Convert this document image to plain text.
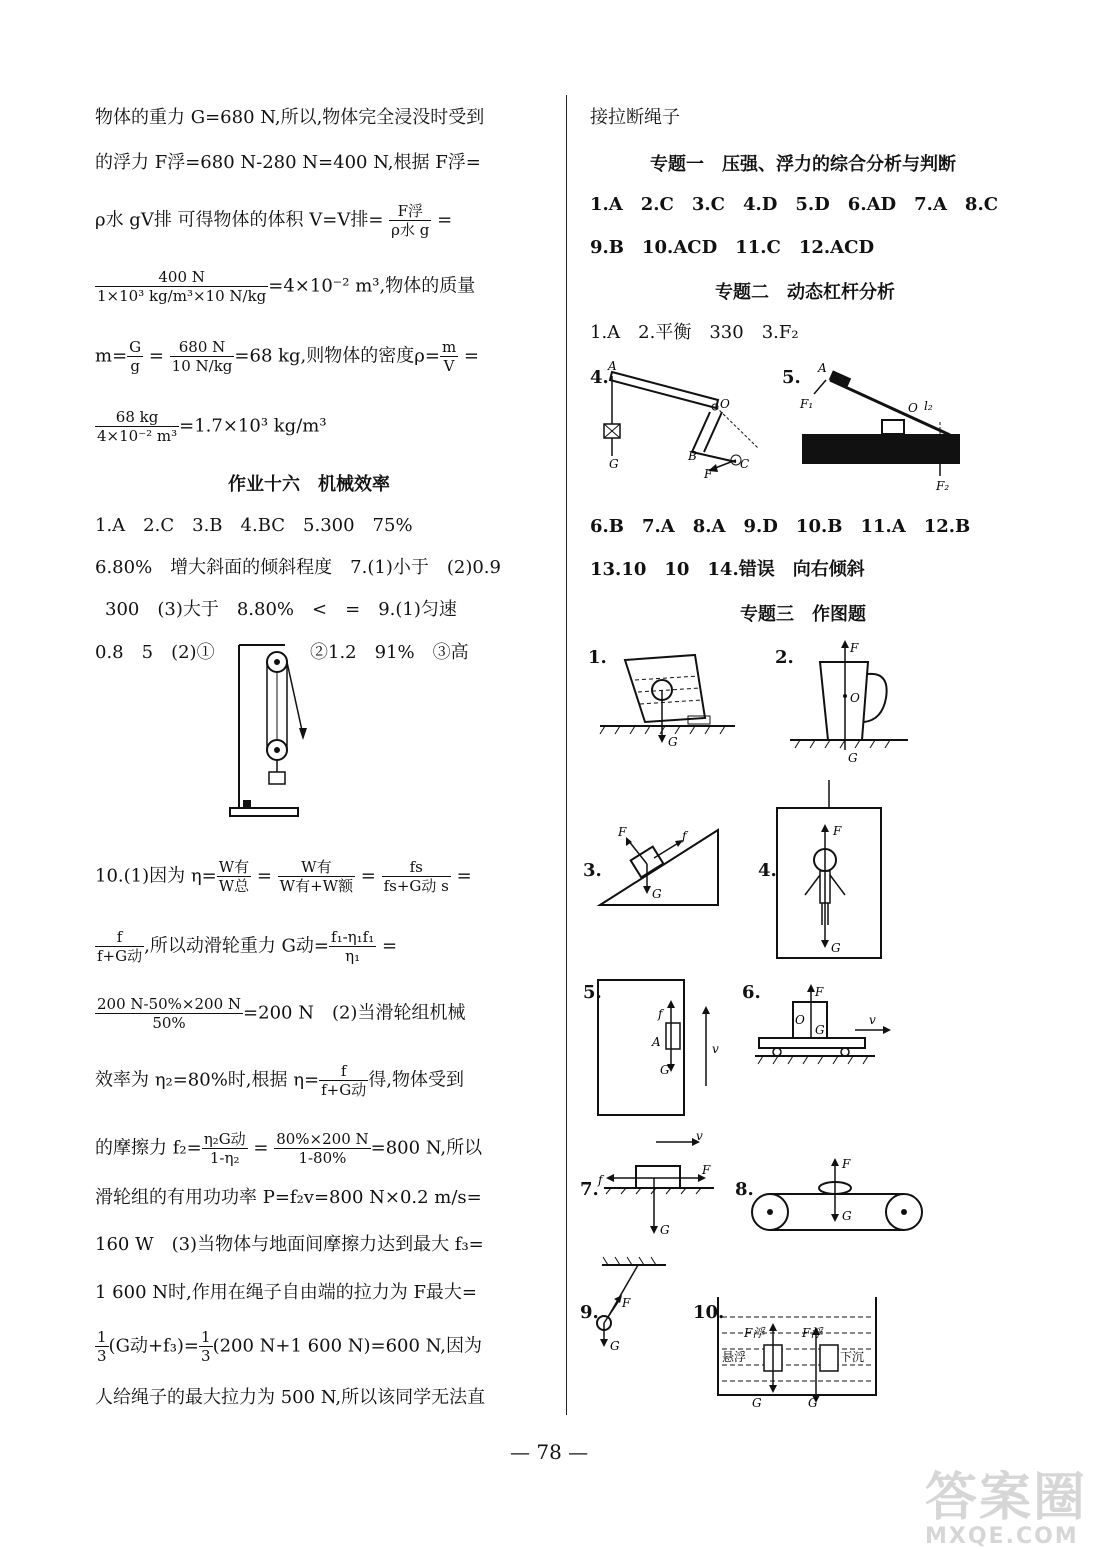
物体的重力 G=680 N,所以,物体完全浸没时受到
的浮力 F浮=680 N-280 N=400 N,根据 F浮=
ρ水 gV排 可得物体的体积 V=V排= $\frac{\text{F浮}}{\text{ρ水 g}}$ =
$\frac{400 N}{\text{1×10³ kg/m³×10 N/kg}} =4\times 10^{-2}$ m³,物体的质量
$m= \frac{G}{g} = \frac{680 N}{10 N/kg} =68$ kg,则物体的密度$\rho= \frac{m}{V}$ =
$\frac{68 kg}{\text{4×10⁻² m³}} =1.7\times 10^3$ kg/m³
作业十六　机械效率
1.A　2.C　3.B　4.BC　5.300　75%
6.80%　增大斜面的倾斜程度　7.(1)小于　(2)0.9
300　(3)大于　8.80%　<　=　9.(1)匀速
0.8　5　(2)①	②1.2　91%　③高
10.(1)因为 $\eta= \frac{\text{W有}}{\text{W总}} = \frac{\text{W有}}{\text{W有+W额}} = \frac{fs}{\text{fs+G动 s}}$ =
$\frac{f}{\text{f+G动}}$ ,所以动滑轮重力 G动= $\frac{\text{f₁-η₁f₁}}{\text{η₁}}$ =
$\frac{200 N-50\%\times 200 N}{50\%} =200$ N　(2)当滑轮组机械
效率为 η₂=80%时,根据 $\eta= \frac{f}{\text{f+G动}}$ 得,物体受到
的摩擦力 $f_2= \frac{\text{η₂G动}}{\text{1-η₂}} = \frac{80\%\times 200 N}{1-80\%} =800$ N,所以
滑轮组的有用功功率 P=f₂v=800 N×0.2 m/s=
160 W　(3)当物体与地面间摩擦力达到最大 f₃=
1 600 N时,作用在绳子自由端的拉力为 F最大=
$\frac{1}{3} (G$动$+f_3)= \frac{1}{3} (200$ N+1 600 N)=600 N,因为
人给绳子的最大拉力为 500 N,所以该同学无法直
接拉断绳子
专题一　压强、浮力的综合分析与判断
1.A　2.C　3.C　4.D　5.D　6.AD　7.A　8.C
9.B　10.ACD　11.C　12.ACD
专题二　动态杠杆分析
1.A　2.平衡　330　3.F₂
4.
A
O
B
C
F
G
5. A
F₁	O l₂
F₂
6.B　7.A　8.A　9.D　10.B　11.A　12.B
13.10　10　14.错误　向右倾斜
专题三　作图题
1.
G
2.	F
O
G
3.
G
F	f
4.
F
G
5.
A
f
G
v
6.
O
F
G
v
7.
v
f
F
G
8.
F
G
9.
G
F	10.
F浮	F浮
悬浮	下沉
G	G
— 78 —
答案圈
MXQE.COM
